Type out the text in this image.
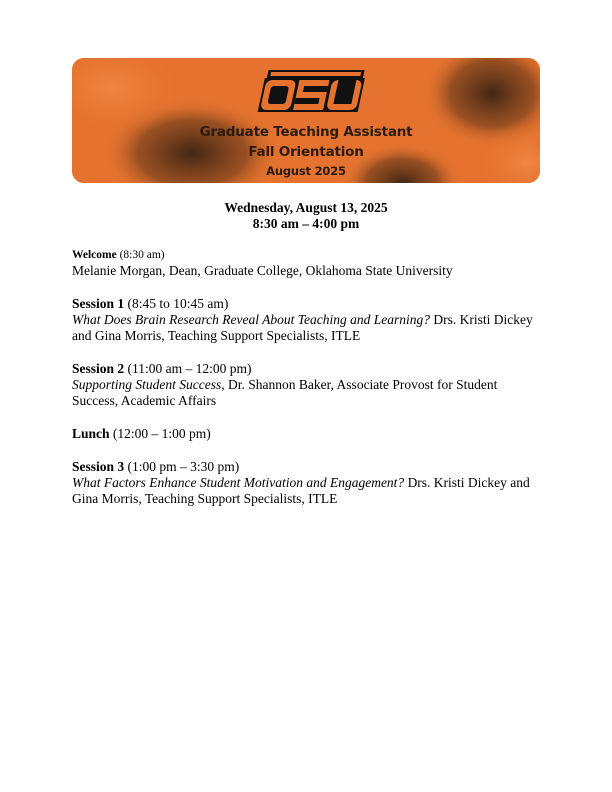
Graduate Teaching Assistant
Fall Orientation
August 2025
Wednesday, August 13, 2025
8:30 am – 4:00 pm
Welcome (8:30 am)
Melanie Morgan, Dean, Graduate College, Oklahoma State University
Session 1 (8:45 to 10:45 am)
What Does Brain Research Reveal About Teaching and Learning? Drs. Kristi Dickey and Gina Morris, Teaching Support Specialists, ITLE
Session 2 (11:00 am – 12:00 pm)
Supporting Student Success, Dr. Shannon Baker, Associate Provost for Student Success, Academic Affairs
Lunch (12:00 – 1:00 pm)
Session 3 (1:00 pm – 3:30 pm)
What Factors Enhance Student Motivation and Engagement? Drs. Kristi Dickey and Gina Morris, Teaching Support Specialists, ITLE
